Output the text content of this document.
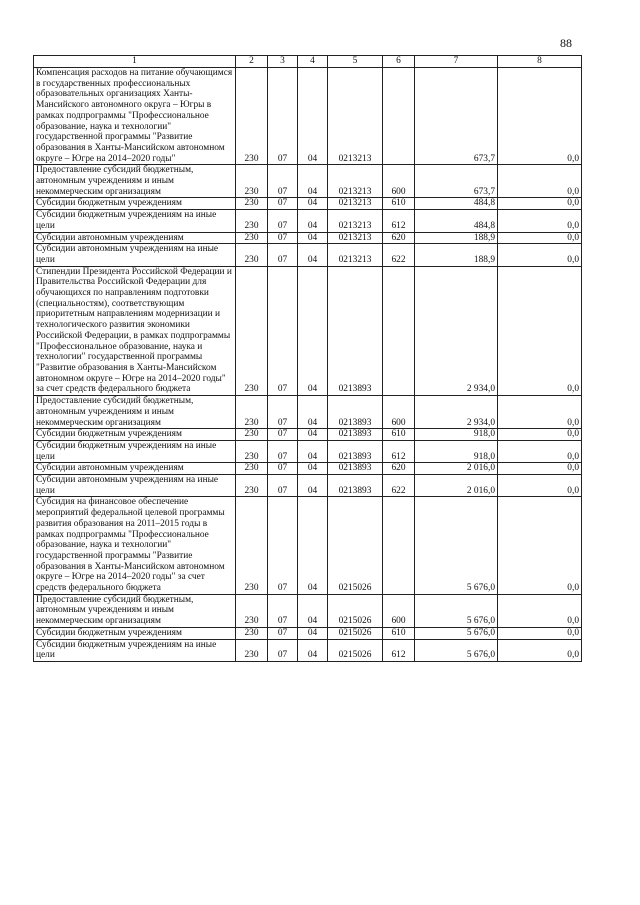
88
1	2	3	4	5	6	7	8
Компенсация расходов на питание обучающимся в государственных профессиональных образовательных организациях Ханты-Мансийского автономного округа – Югры в рамках подпрограммы "Профессиональное образование, наука и технологии" государственной программы "Развитие образования в Ханты-Мансийском автономном округе – Югре на 2014–2020 годы"	230	07	04	0213213		673,7	0,0
Предоставление субсидий бюджетным, автономным учреждениям и иным некоммерческим организациям	230	07	04	0213213	600	673,7	0,0
Субсидии бюджетным учреждениям	230	07	04	0213213	610	484,8	0,0
Субсидии бюджетным учреждениям на иные цели	230	07	04	0213213	612	484,8	0,0
Субсидии автономным учреждениям	230	07	04	0213213	620	188,9	0,0
Субсидии автономным учреждениям на иные цели	230	07	04	0213213	622	188,9	0,0
Стипендии Президента Российской Федерации и Правительства Российской Федерации для обучающихся по направлениям подготовки (специальностям), соответствующим приоритетным направлениям модернизации и технологического развития экономики Российской Федерации, в рамках подпрограммы "Профессиональное образование, наука и технологии" государственной программы "Развитие образования в Ханты-Мансийском автономном округе – Югре на 2014–2020 годы" за счет средств федерального бюджета	230	07	04	0213893		2 934,0	0,0
Предоставление субсидий бюджетным, автономным учреждениям и иным некоммерческим организациям	230	07	04	0213893	600	2 934,0	0,0
Субсидии бюджетным учреждениям	230	07	04	0213893	610	918,0	0,0
Субсидии бюджетным учреждениям на иные цели	230	07	04	0213893	612	918,0	0,0
Субсидии автономным учреждениям	230	07	04	0213893	620	2 016,0	0,0
Субсидии автономным учреждениям на иные цели	230	07	04	0213893	622	2 016,0	0,0
Субсидия на финансовое обеспечение мероприятий федеральной целевой программы развития образования на 2011–2015 годы в рамках подпрограммы "Профессиональное образование, наука и технологии" государственной программы "Развитие образования в Ханты-Мансийском автономном округе – Югре на 2014–2020 годы" за счет средств федерального бюджета	230	07	04	0215026		5 676,0	0,0
Предоставление субсидий бюджетным, автономным учреждениям и иным некоммерческим организациям	230	07	04	0215026	600	5 676,0	0,0
Субсидии бюджетным учреждениям	230	07	04	0215026	610	5 676,0	0,0
Субсидии бюджетным учреждениям на иные цели	230	07	04	0215026	612	5 676,0	0,0
